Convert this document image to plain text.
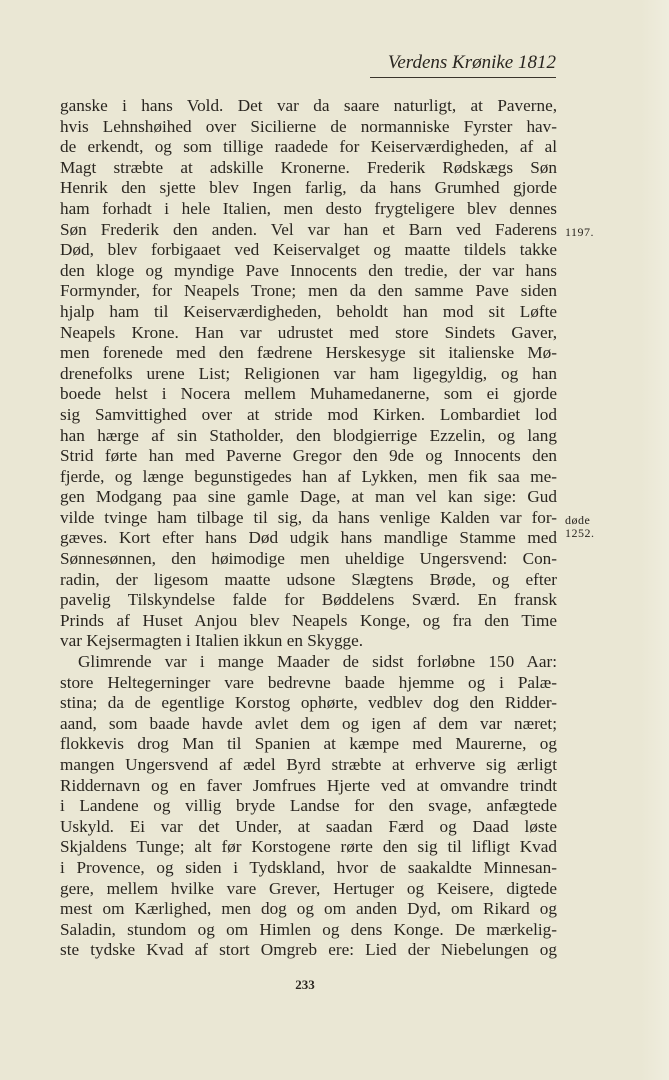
Verdens Krønike 1812
ganske i hans Vold. Det var da saare naturligt, at Paverne,
hvis Lehnshøihed over Sicilierne de normanniske Fyrster hav-
de erkendt, og som tillige raadede for Keiserværdigheden, af al
Magt stræbte at adskille Kronerne. Frederik Rødskægs Søn
Henrik den sjette blev Ingen farlig, da hans Grumhed gjorde
ham forhadt i hele Italien, men desto frygteligere blev dennes
Søn Frederik den anden. Vel var han et Barn ved Faderens
Død, blev forbigaaet ved Keiservalget og maatte tildels takke
den kloge og myndige Pave Innocents den tredie, der var hans
Formynder, for Neapels Trone; men da den samme Pave siden
hjalp ham til Keiserværdigheden, beholdt han mod sit Løfte
Neapels Krone. Han var udrustet med store Sindets Gaver,
men forenede med den fædrene Herskesyge sit italienske Mø-
drenefolks urene List; Religionen var ham ligegyldig, og han
boede helst i Nocera mellem Muhamedanerne, som ei gjorde
sig Samvittighed over at stride mod Kirken. Lombardiet lod
han hærge af sin Statholder, den blodgierrige Ezzelin, og lang
Strid førte han med Paverne Gregor den 9de og Innocents den
fjerde, og længe begunstigedes han af Lykken, men fik saa me-
gen Modgang paa sine gamle Dage, at man vel kan sige: Gud
vilde tvinge ham tilbage til sig, da hans venlige Kalden var for-
gæves. Kort efter hans Død udgik hans mandlige Stamme med
Sønnesønnen, den høimodige men uheldige Ungersvend: Con-
radin, der ligesom maatte udsone Slægtens Brøde, og efter
pavelig Tilskyndelse falde for Bøddelens Sværd. En fransk
Prinds af Huset Anjou blev Neapels Konge, og fra den Time
var Kejsermagten i Italien ikkun en Skygge.
Glimrende var i mange Maader de sidst forløbne 150 Aar:
store Heltegerninger vare bedrevne baade hjemme og i Palæ-
stina; da de egentlige Korstog ophørte, vedblev dog den Ridder-
aand, som baade havde avlet dem og igen af dem var næret;
flokkevis drog Man til Spanien at kæmpe med Maurerne, og
mangen Ungersvend af ædel Byrd stræbte at erhverve sig ærligt
Riddernavn og en faver Jomfrues Hjerte ved at omvandre trindt
i Landene og villig bryde Landse for den svage, anfægtede
Uskyld. Ei var det Under, at saadan Færd og Daad løste
Skjaldens Tunge; alt før Korstogene rørte den sig til lifligt Kvad
i Provence, og siden i Tydskland, hvor de saakaldte Minnesan-
gere, mellem hvilke vare Grever, Hertuger og Keisere, digtede
mest om Kærlighed, men dog og om anden Dyd, om Rikard og
Saladin, stundom og om Himlen og dens Konge. De mærkelig-
ste tydske Kvad af stort Omgreb ere: Lied der Niebelungen og
1197.
døde
1252.
233
